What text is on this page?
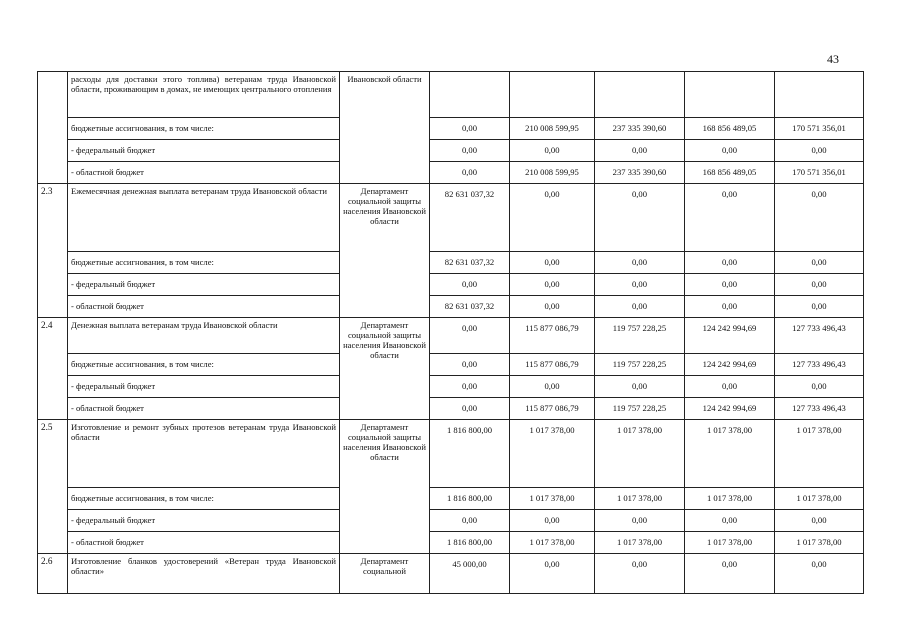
43
	расходы для доставки этого топлива) ветеранам труда Ивановской области, проживающим в домах, не имеющих центрального отопления	Ивановской области					
	бюджетные ассигнования, в том числе:		0,00	210 008 599,95	237 335 390,60	168 856 489,05	170 571 356,01
	- федеральный бюджет		0,00	0,00	0,00	0,00	0,00
	- областной бюджет		0,00	210 008 599,95	237 335 390,60	168 856 489,05	170 571 356,01
2.3	Ежемесячная денежная выплата ветеранам труда Ивановской области	Департамент социальной защиты населения Ивановской области	82 631 037,32	0,00	0,00	0,00	0,00
	бюджетные ассигнования, в том числе:		82 631 037,32	0,00	0,00	0,00	0,00
	- федеральный бюджет		0,00	0,00	0,00	0,00	0,00
	- областной бюджет		82 631 037,32	0,00	0,00	0,00	0,00
2.4	Денежная выплата ветеранам труда Ивановской области	Департамент социальной защиты населения Ивановской области	0,00	115 877 086,79	119 757 228,25	124 242 994,69	127 733 496,43
	бюджетные ассигнования, в том числе:		0,00	115 877 086,79	119 757 228,25	124 242 994,69	127 733 496,43
	- федеральный бюджет		0,00	0,00	0,00	0,00	0,00
	- областной бюджет		0,00	115 877 086,79	119 757 228,25	124 242 994,69	127 733 496,43
2.5	Изготовление и ремонт зубных протезов ветеранам труда Ивановской области	Департамент социальной защиты населения Ивановской области	1 816 800,00	1 017 378,00	1 017 378,00	1 017 378,00	1 017 378,00
	бюджетные ассигнования, в том числе:		1 816 800,00	1 017 378,00	1 017 378,00	1 017 378,00	1 017 378,00
	- федеральный бюджет		0,00	0,00	0,00	0,00	0,00
	- областной бюджет		1 816 800,00	1 017 378,00	1 017 378,00	1 017 378,00	1 017 378,00
2.6	Изготовление бланков удостоверений «Ветеран труда Ивановской области»	Департамент социальной	45 000,00	0,00	0,00	0,00	0,00
